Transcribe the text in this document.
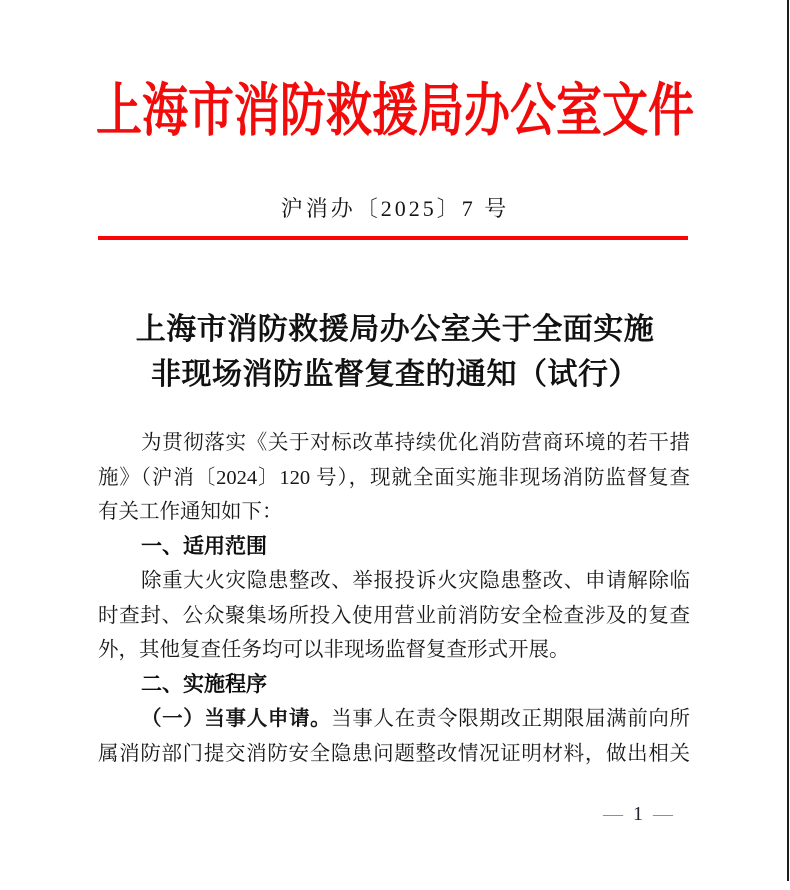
上海市消防救援局办公室文件
沪消办〔2025〕7 号
上海市消防救援局办公室关于全面实施
非现场消防监督复查的通知（试行）
为贯彻落实《关于对标改革持续优化消防营商环境的若干措
施》（沪消〔2024〕120 号），现就全面实施非现场消防监督复查
有关工作通知如下：
一、适用范围
除重大火灾隐患整改、举报投诉火灾隐患整改、申请解除临
时查封、公众聚集场所投入使用营业前消防安全检查涉及的复查
外，其他复查任务均可以非现场监督复查形式开展。
二、实施程序
（一）当事人申请。当事人在责令限期改正期限届满前向所
属消防部门提交消防安全隐患问题整改情况证明材料，做出相关
— 1 —
